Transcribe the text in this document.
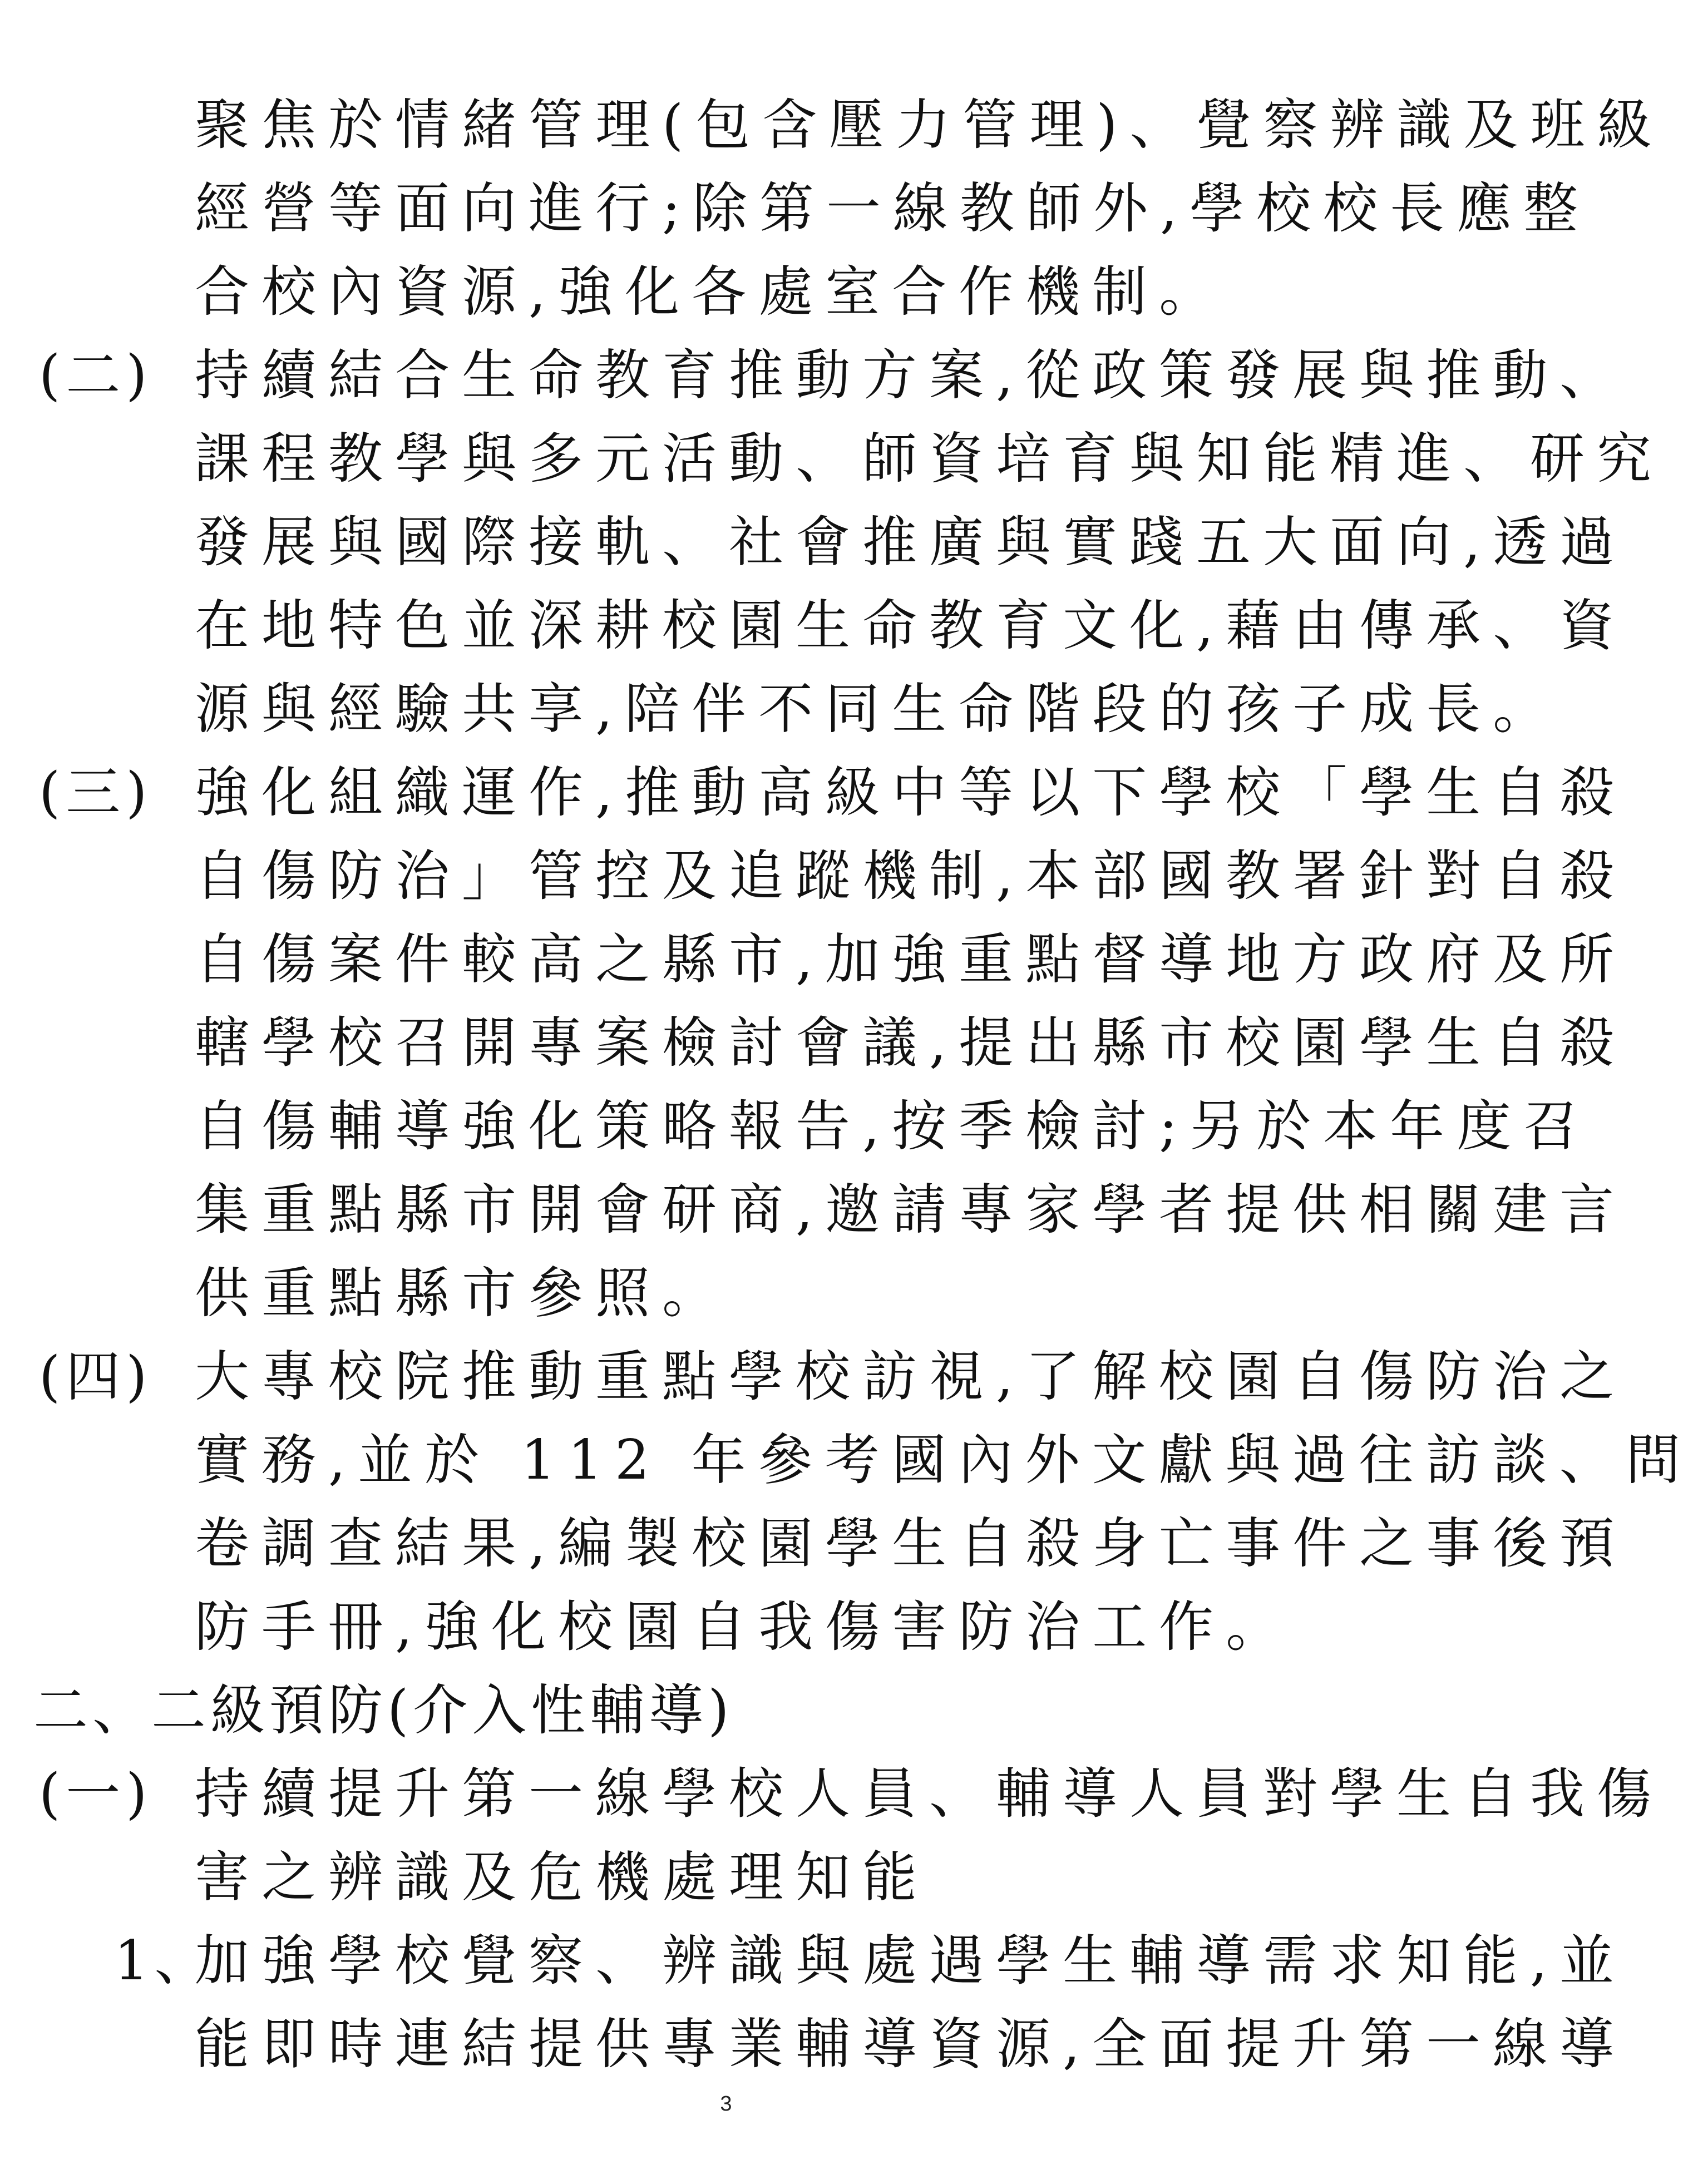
聚焦於情緒管理(包含壓力管理)、覺察辨識及班級
經營等面向進行;除第一線教師外,學校校長應整
合校內資源,強化各處室合作機制。
(二) 持續結合生命教育推動方案,從政策發展與推動、
課程教學與多元活動、師資培育與知能精進、研究
發展與國際接軌、社會推廣與實踐五大面向,透過
在地特色並深耕校園生命教育文化,藉由傳承、資
源與經驗共享,陪伴不同生命階段的孩子成長。
(三) 強化組織運作,推動高級中等以下學校「學生自殺
自傷防治」管控及追蹤機制,本部國教署針對自殺
自傷案件較高之縣市,加強重點督導地方政府及所
轄學校召開專案檢討會議,提出縣市校園學生自殺
自傷輔導強化策略報告,按季檢討;另於本年度召
集重點縣市開會研商,邀請專家學者提供相關建言
供重點縣市參照。
(四) 大專校院推動重點學校訪視,了解校園自傷防治之
實務,並於 112 年參考國內外文獻與過往訪談、問
卷調查結果,編製校園學生自殺身亡事件之事後預
防手冊,強化校園自我傷害防治工作。
二、二級預防(介入性輔導)
(一) 持續提升第一線學校人員、輔導人員對學生自我傷
害之辨識及危機處理知能
1、
加強學校覺察、辨識與處遇學生輔導需求知能,並
能即時連結提供專業輔導資源,全面提升第一線導
3
